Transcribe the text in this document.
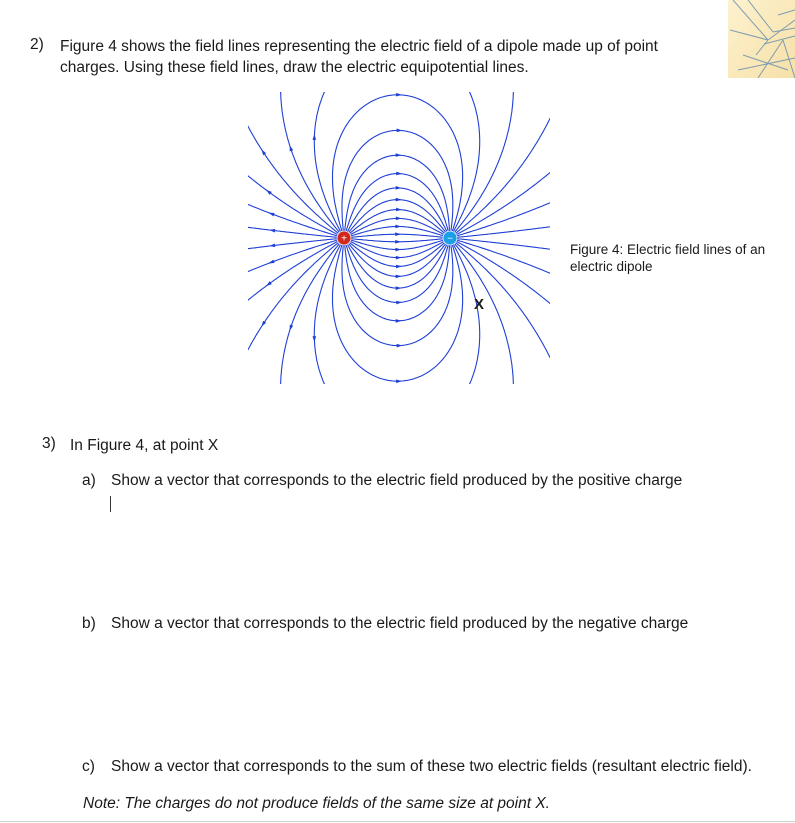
2) Figure 4 shows the field lines representing the electric field of a dipole made up of point charges. Using these field lines, draw the electric equipotential lines.
+	−
Figure 4: Electric field lines of an electric dipole
X
3) In Figure 4, at point X
a) Show a vector that corresponds to the electric field produced by the positive charge
b) Show a vector that corresponds to the electric field produced by the negative charge
c) Show a vector that corresponds to the sum of these two electric fields (resultant electric field).
Note: The charges do not produce fields of the same size at point X.
